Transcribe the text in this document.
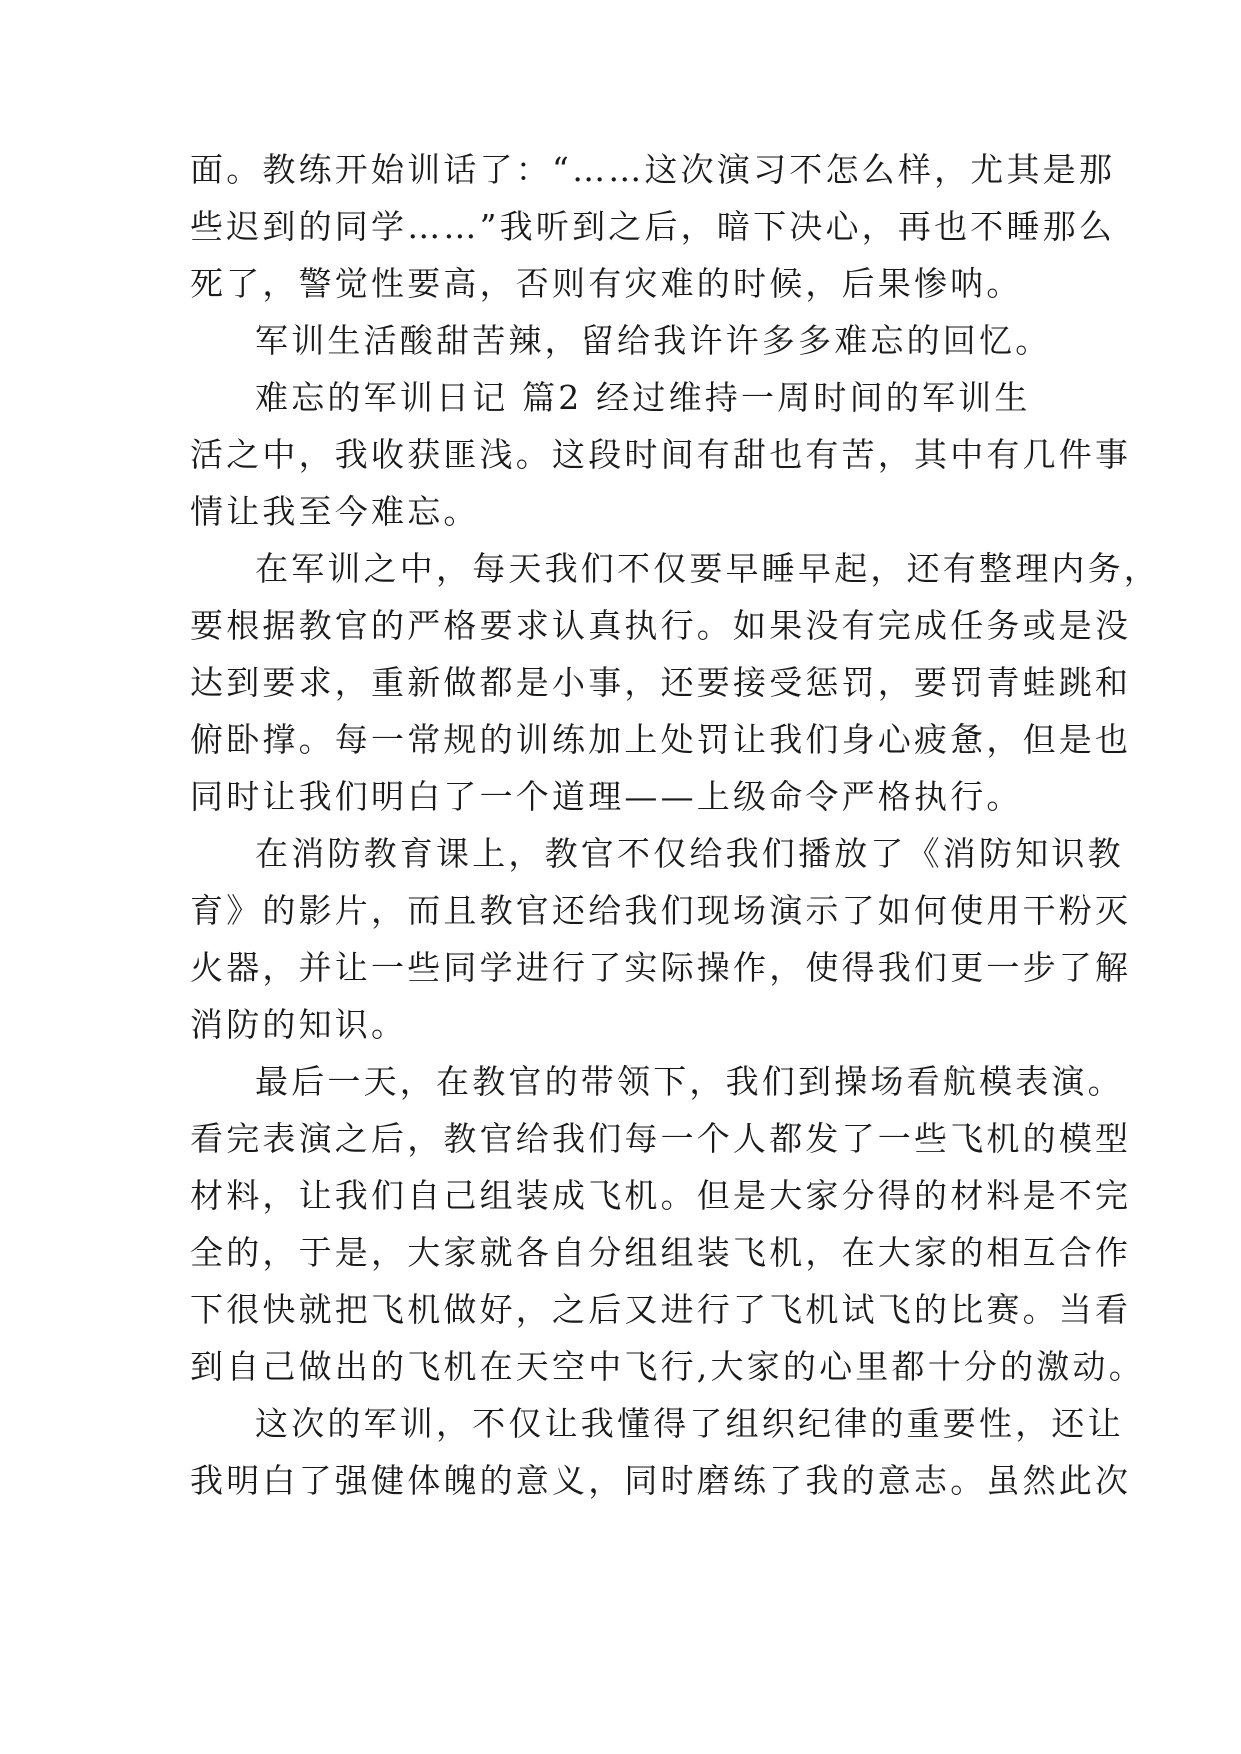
面。教练开始训话了：“……这次演习不怎么样，尤其是那
些迟到的同学……”我听到之后，暗下决心，再也不睡那么
死了，警觉性要高，否则有灾难的时候，后果惨呐。
军训生活酸甜苦辣，留给我许许多多难忘的回忆。
难忘的军训日记 篇2 经过维持一周时间的军训生
活之中，我收获匪浅。这段时间有甜也有苦，其中有几件事
情让我至今难忘。
在军训之中，每天我们不仅要早睡早起，还有整理内务，
要根据教官的严格要求认真执行。如果没有完成任务或是没
达到要求，重新做都是小事，还要接受惩罚，要罚青蛙跳和
俯卧撑。每一常规的训练加上处罚让我们身心疲惫，但是也
同时让我们明白了一个道理——上级命令严格执行。
在消防教育课上，教官不仅给我们播放了《消防知识教
育》的影片，而且教官还给我们现场演示了如何使用干粉灭
火器，并让一些同学进行了实际操作，使得我们更一步了解
消防的知识。
最后一天，在教官的带领下，我们到操场看航模表演。
看完表演之后，教官给我们每一个人都发了一些飞机的模型
材料，让我们自己组装成飞机。但是大家分得的材料是不完
全的，于是，大家就各自分组组装飞机，在大家的相互合作
下很快就把飞机做好，之后又进行了飞机试飞的比赛。当看
到自己做出的飞机在天空中飞行,大家的心里都十分的激动。
这次的军训，不仅让我懂得了组织纪律的重要性，还让
我明白了强健体魄的意义，同时磨练了我的意志。虽然此次
